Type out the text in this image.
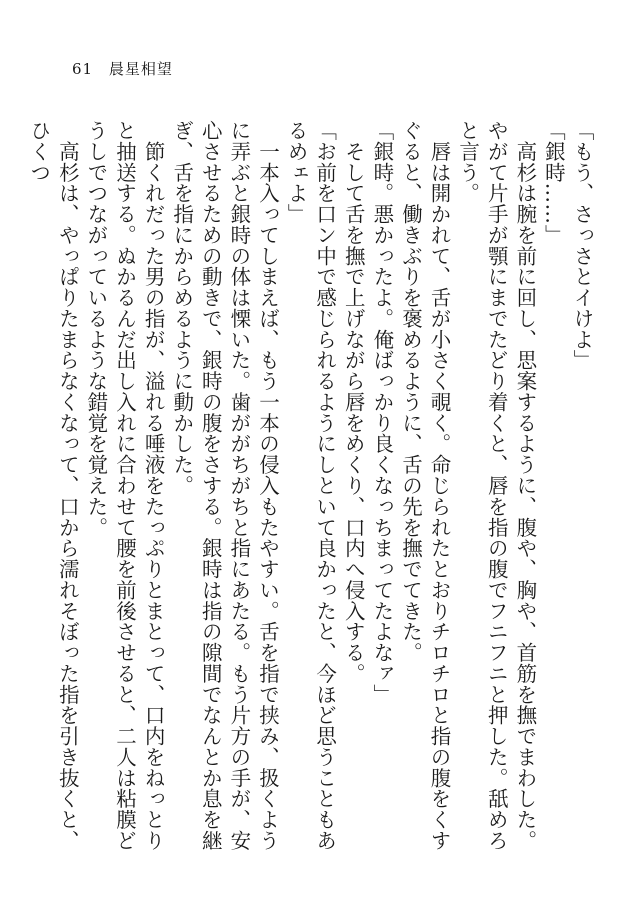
61 晨星相望

「もう、さっさとイけよ」

「銀時……」

　高杉は腕を前に回し、思案するように、腹や、胸や、首筋を撫でまわした。やがて片手が顎にまでたどり着くと、唇を指の腹でフニフニと押した。舐めろと言う。

　唇は開かれて、舌が小さく覗く。命じられたとおりチロチロと指の腹をくすぐると、働きぶりを褒めるように、舌の先を撫でてきた。

「銀時。悪かったよ。俺ばっかり良くなっちまってたよなァ」

　そして舌を撫で上げながら唇をめくり、口内へ侵入する。

「お前を口ン中で感じられるようにしといて良かったと、今ほど思うこともあるめェよ」

　一本入ってしまえば、もう一本の侵入もたやすい。舌を指で挟み、扱くように弄ぶと銀時の体は慄いた。歯ががちがちと指にあたる。もう片方の手が、安心させるための動きで、銀時の腹をさする。銀時は指の隙間でなんとか息を継ぎ、舌を指にからめるように動かした。

　節くれだった男の指が、溢れる唾液をたっぷりとまとって、口内をねっとりと抽送する。ぬかるんだ出し入れに合わせて腰を前後させると、二人は粘膜どうしでつながっているような錯覚を覚えた。

　高杉は、やっぱりたまらなくなって、口から濡れそぼった指を引き抜くと、ひくつ
